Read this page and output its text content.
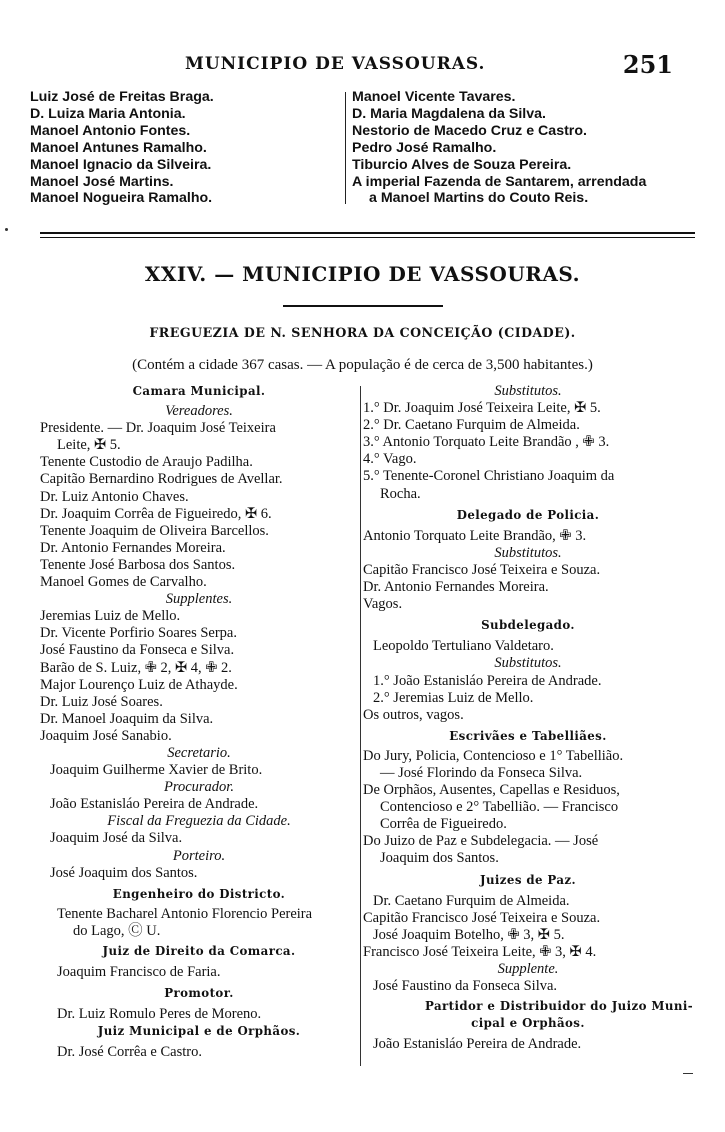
MUNICIPIO DE VASSOURAS.	251
Luiz José de Freitas Braga.
D. Luiza Maria Antonia.
Manoel Antonio Fontes.
Manoel Antunes Ramalho.
Manoel Ignacio da Silveira.
Manoel José Martins.
Manoel Nogueira Ramalho.
Manoel Vicente Tavares.
D. Maria Magdalena da Silva.
Nestorio de Macedo Cruz e Castro.
Pedro José Ramalho.
Tiburcio Alves de Souza Pereira.
A imperial Fazenda de Santarem, arrendada
a Manoel Martins do Couto Reis.
XXIV. — MUNICIPIO DE VASSOURAS.
FREGUEZIA DE N. SENHORA DA CONCEIÇÃO (CIDADE).
(Contém a cidade 367 casas. — A população é de cerca de 3,500 habitantes.)
Camara Municipal.
Vereadores.
Presidente. — Dr. Joaquim José Teixeira
Leite, ✠ 5.
Tenente Custodio de Araujo Padilha.
Capitão Bernardino Rodrigues de Avellar.
Dr. Luiz Antonio Chaves.
Dr. Joaquim Corrêa de Figueiredo, ✠ 6.
Tenente Joaquim de Oliveira Barcellos.
Dr. Antonio Fernandes Moreira.
Tenente José Barbosa dos Santos.
Manoel Gomes de Carvalho.
Supplentes.
Jeremias Luiz de Mello.
Dr. Vicente Porfirio Soares Serpa.
José Faustino da Fonseca e Silva.
Barão de S. Luiz, ✙ 2, ✠ 4, ✙ 2.
Major Lourenço Luiz de Athayde.
Dr. Luiz José Soares.
Dr. Manoel Joaquim da Silva.
Joaquim José Sanabio.
Secretario.
Joaquim Guilherme Xavier de Brito.
Procurador.
João Estanisláo Pereira de Andrade.
Fiscal da Freguezia da Cidade.
Joaquim José da Silva.
Porteiro.
José Joaquim dos Santos.
Engenheiro do Districto.
Tenente Bacharel Antonio Florencio Pereira
do Lago, Ⓒ U.
Juiz de Direito da Comarca.
Joaquim Francisco de Faria.
Promotor.
Dr. Luiz Romulo Peres de Moreno.
Juiz Municipal e de Orphãos.
Dr. José Corrêa e Castro.
Substitutos.
1.° Dr. Joaquim José Teixeira Leite, ✠ 5.
2.° Dr. Caetano Furquim de Almeida.
3.° Antonio Torquato Leite Brandão , ✙ 3.
4.° Vago.
5.° Tenente-Coronel Christiano Joaquim da
Rocha.
Delegado de Policia.
Antonio Torquato Leite Brandão, ✙ 3.
Substitutos.
Capitão Francisco José Teixeira e Souza.
Dr. Antonio Fernandes Moreira.
Vagos.
Subdelegado.
Leopoldo Tertuliano Valdetaro.
Substitutos.
1.° João Estanisláo Pereira de Andrade.
2.° Jeremias Luiz de Mello.
Os outros, vagos.
Escrivães e Tabelliães.
Do Jury, Policia, Contencioso e 1° Tabellião.
— José Florindo da Fonseca Silva.
De Orphãos, Ausentes, Capellas e Residuos,
Contencioso e 2° Tabellião. — Francisco
Corrêa de Figueiredo.
Do Juizo de Paz e Subdelegacia. — José
Joaquim dos Santos.
Juizes de Paz.
Dr. Caetano Furquim de Almeida.
Capitão Francisco José Teixeira e Souza.
José Joaquim Botelho, ✙ 3, ✠ 5.
Francisco José Teixeira Leite, ✙ 3, ✠ 4.
Supplente.
José Faustino da Fonseca Silva.
Partidor e Distribuidor do Juizo Muni-
cipal e Orphãos.
João Estanisláo Pereira de Andrade.
